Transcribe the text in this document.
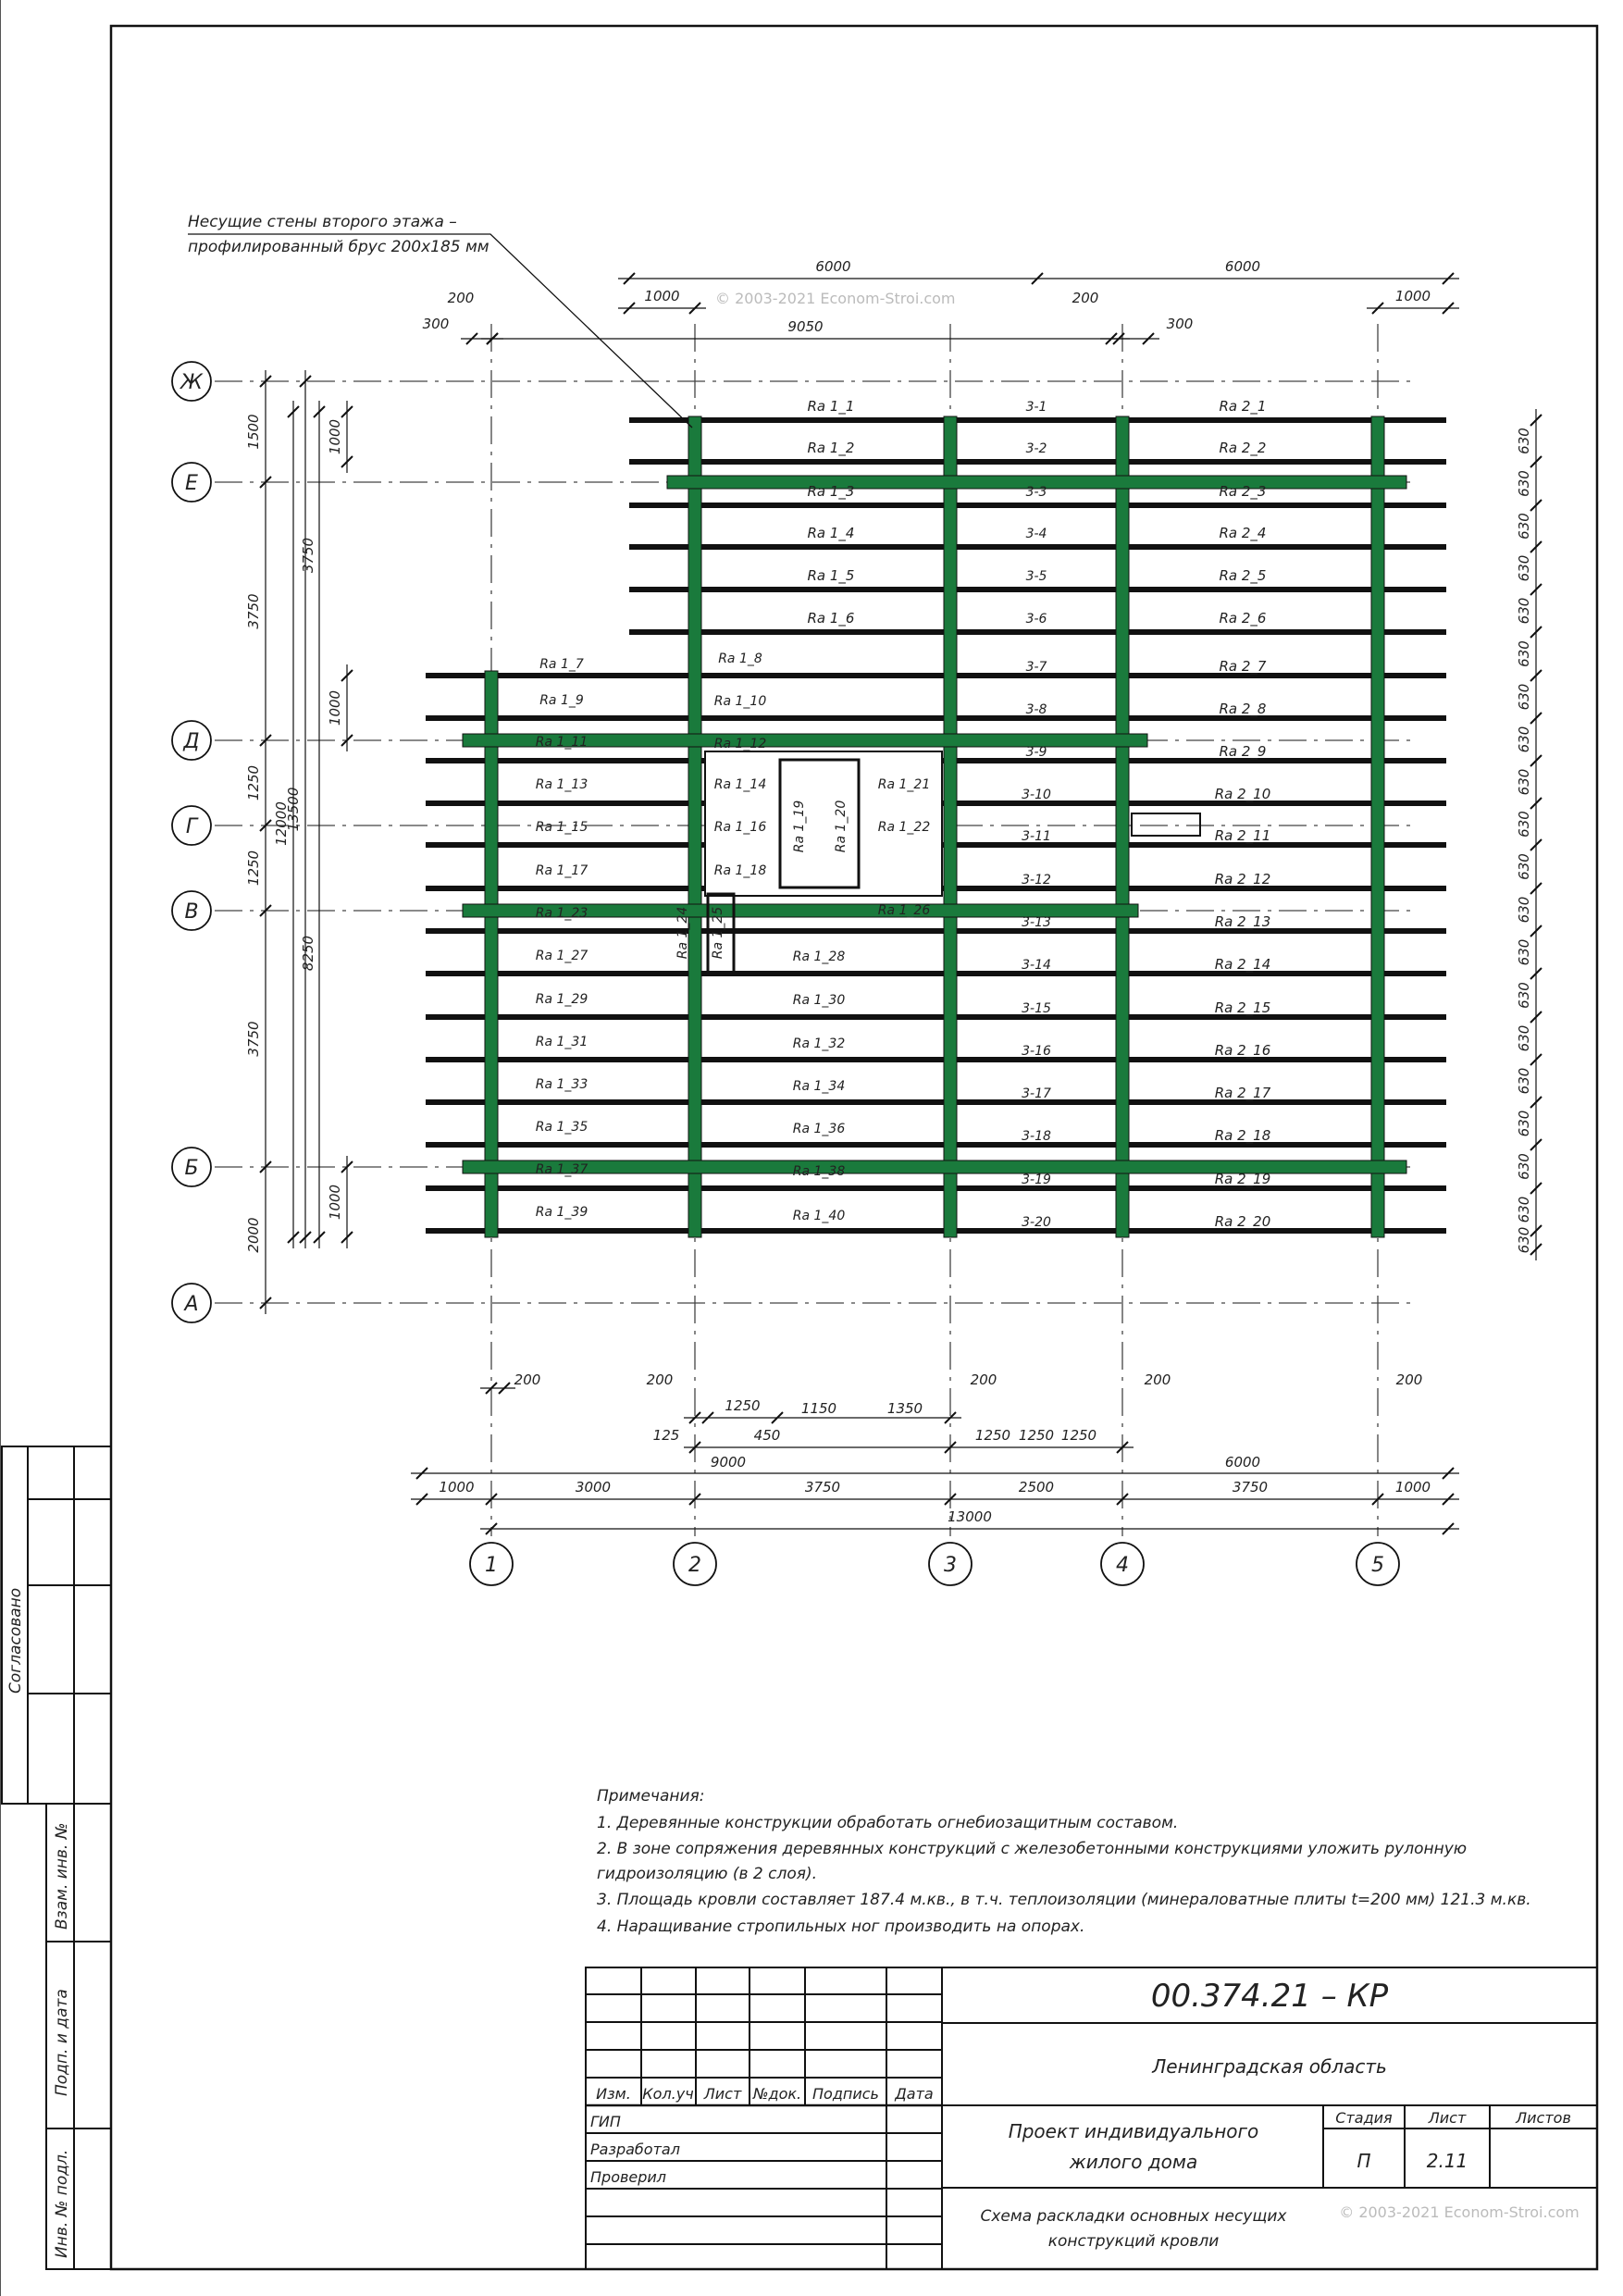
Ж
Е
Д
Г
В
Б
А
1	2	3	4	5
Ra 1_1
Ra 1_2
Ra 1_3
Ra 1_4
Ra 1_5
Ra 1_6
Ra 1_7
Ra 1_9
Ra 1_11
Ra 1_13
Ra 1_15
Ra 1_17
Ra 1_23
Ra 1_27
Ra 1_29
Ra 1_31
Ra 1_33
Ra 1_35
Ra 1_37
Ra 1_39
Ra 1_8
Ra 1_10
Ra 1_12
Ra 1_14
Ra 1_16
Ra 1_18
Ra 1_28
Ra 1_30
Ra 1_32
Ra 1_34
Ra 1_36
Ra 1_38
Ra 1_40
Ra 1_21
Ra 1_22
Ra 1_26
Ra 1_19 Ra 1_20
Ra 1_24 Ra 1_25
3-1
3-2
3-3
3-4
3-5
3-6
3-7
3-8
3-9
3-10
3-11
3-12
3-13
3-14
3-15
3-16
3-17
3-18
3-19
3-20
Ra 2_1
Ra 2_2
Ra 2_3
Ra 2_4
Ra 2_5
Ra 2_6
Ra 2_7
Ra 2_8
Ra 2_9
Ra 2_10
Ra 2_11
Ra 2_12
Ra 2_13
Ra 2_14
Ra 2_15
Ra 2_16
Ra 2_17
Ra 2_18
Ra 2_19
Ra 2_20
6000	6000
1000
9050
1000
200
300
300
200
1500
3750
1250
1250
3750
2000
13500
12000
3750
8250
1000
1000
1000
630
630
630
630
630
630
630
630
630
630
630
630
630
630
630
630
630
630
630
630
200	200	200	200	200
1250	1150	1350
1250
1250	1250
125	450
9000	6000
1000	3000	3750	2500	3750	1000
13000
Несущие стены второго этажа –
профилированный брус 200х185 мм
© 2003-2021 Econom-Stroi.com
Примечания:
1. Деревянные конструкции обработать огнебиозащитным составом.
2. В зоне сопряжения деревянных конструкций с железобетонными конструкциями уложить рулонную
гидроизоляцию (в 2 слоя).
3. Площадь кровли составляет 187.4 м.кв., в т.ч. теплоизоляции (минераловатные плиты t=200 мм) 121.3 м.кв.
4. Наращивание стропильных ног производить на опорах.
Согласовано
Взам. инв. №
Подп. и дата
Инв. № подл.
00.374.21 – КР
Ленинградская область
Проект индивидуального
жилого дома
Схема раскладки основных несущих
конструкций кровли
Стадия Лист	Листов
П	2.11
© 2003-2021 Econom-Stroi.com
Изм. Кол.уч Лист №док. Подпись Дата
ГИП
Разработал
Проверил
